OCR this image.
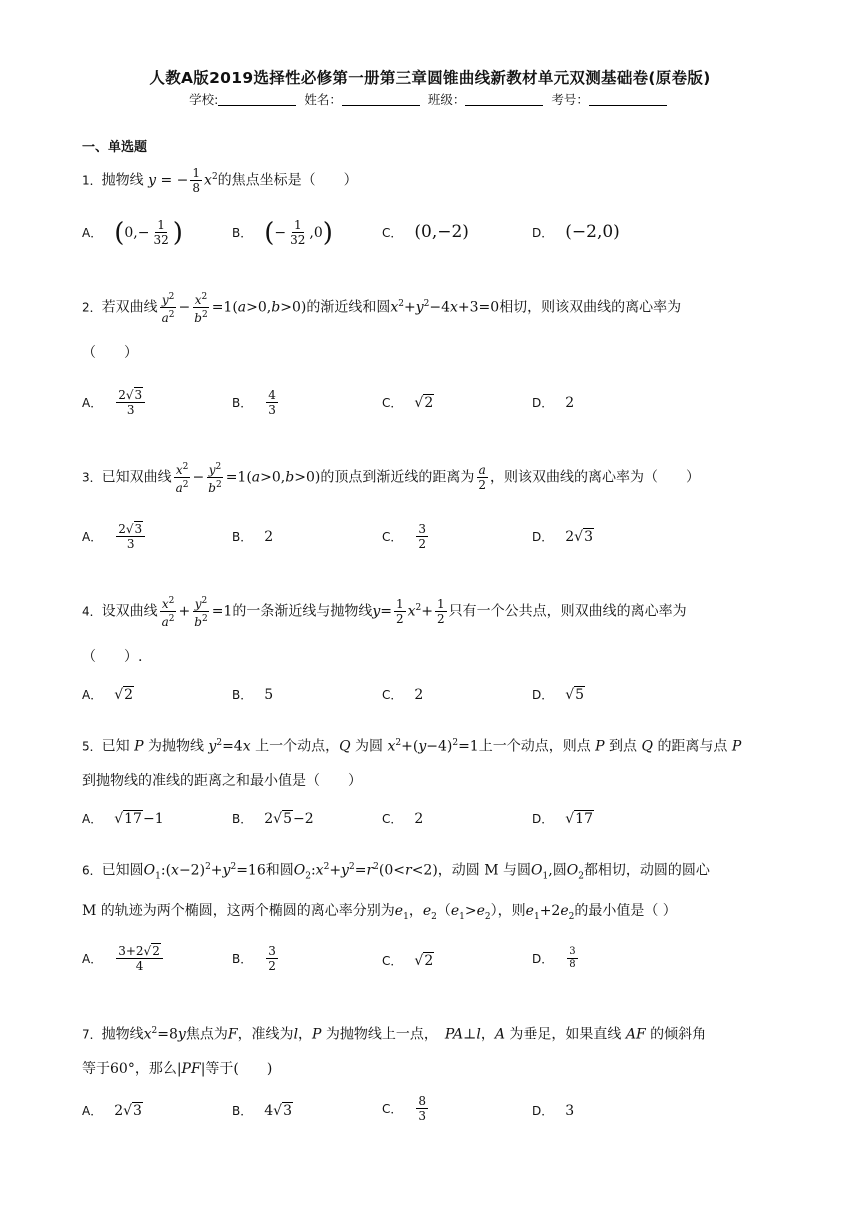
人教A版2019选择性必修第一册第三章圆锥曲线新教材单元双测基础卷(原卷版)
学校:	姓名：	班级：	考号：
一、单选题
1．抛物线 y = − $\frac{1}{8} x^2$的焦点坐标是（　　）
A． ( $0,- \frac{1}{32}$ )	B． ( − $\frac{1}{32} ,0$ )	C． (0,−2)	D． (−2,0)
2．若双曲线 $\frac{y^2}{a^2} - \frac{x^2}{b^2} =1(a>0,b>0)$的渐近线和圆$x^2+y^2-4x+3=0$相切，则该双曲线的离心率为
（　　）
A． $\frac{2√3}{3}$	B． $\frac{4}{3}$	C． √ 2	D． 2
3．已知双曲线 $\frac{x^2}{a^2} - \frac{y^2}{b^2} =1(a>0,b>0)$的顶点到渐近线的距离为 $\frac{a}{2}$ ，则该双曲线的离心率为（　　）
A． $\frac{2√3}{3}$	B． 2	C． $\frac{3}{2}$	D． 2√ 3
4．设双曲线 $\frac{x^2}{a^2} + \frac{y^2}{b^2} =1$的一条渐近线与抛物线$y= \frac{1}{2} x^2+ \frac{1}{2}$ 只有一个公共点，则双曲线的离心率为
（　　）.
A． √ 2	B． 5	C． 2	D． √ 5
5．已知 P 为抛物线 $y^2=4x$ 上一个动点，Q 为圆 $x^2+(y-4)^2=1$上一个动点，则点 P 到点 Q 的距离与点 P
到抛物线的准线的距离之和最小值是（　　）
A． √ 17 −1	B． 2√ 5 −2	C． 2	D． √ 17
6．已知圆$O_1:(x-2)^2+y^2=16$和圆$O_2:x^2+y^2=r^2(0<r<2)$，动圆 M 与圆$O_1$,圆$O_2$都相切，动圆的圆心
M 的轨迹为两个椭圆，这两个椭圆的离心率分别为$e_1$，$e_2(e_1>e_2)$，则$e_1+2e_2$的最小值是（ ）
A． $\frac{3+2√2}{4}$	B． $\frac{3}{2}$	C． √ 2	D． $\frac{3}{8}$
7．抛物线$x^2=8y$焦点为F，准线为l，P 为抛物线上一点，　 PA⊥l，A 为垂足，如果直线 AF 的倾斜角
等于60°，那么|PF|等于(　　)
A． 2√ 3	B． 4√ 3	C． $\frac{8}{3}$	D． 3
